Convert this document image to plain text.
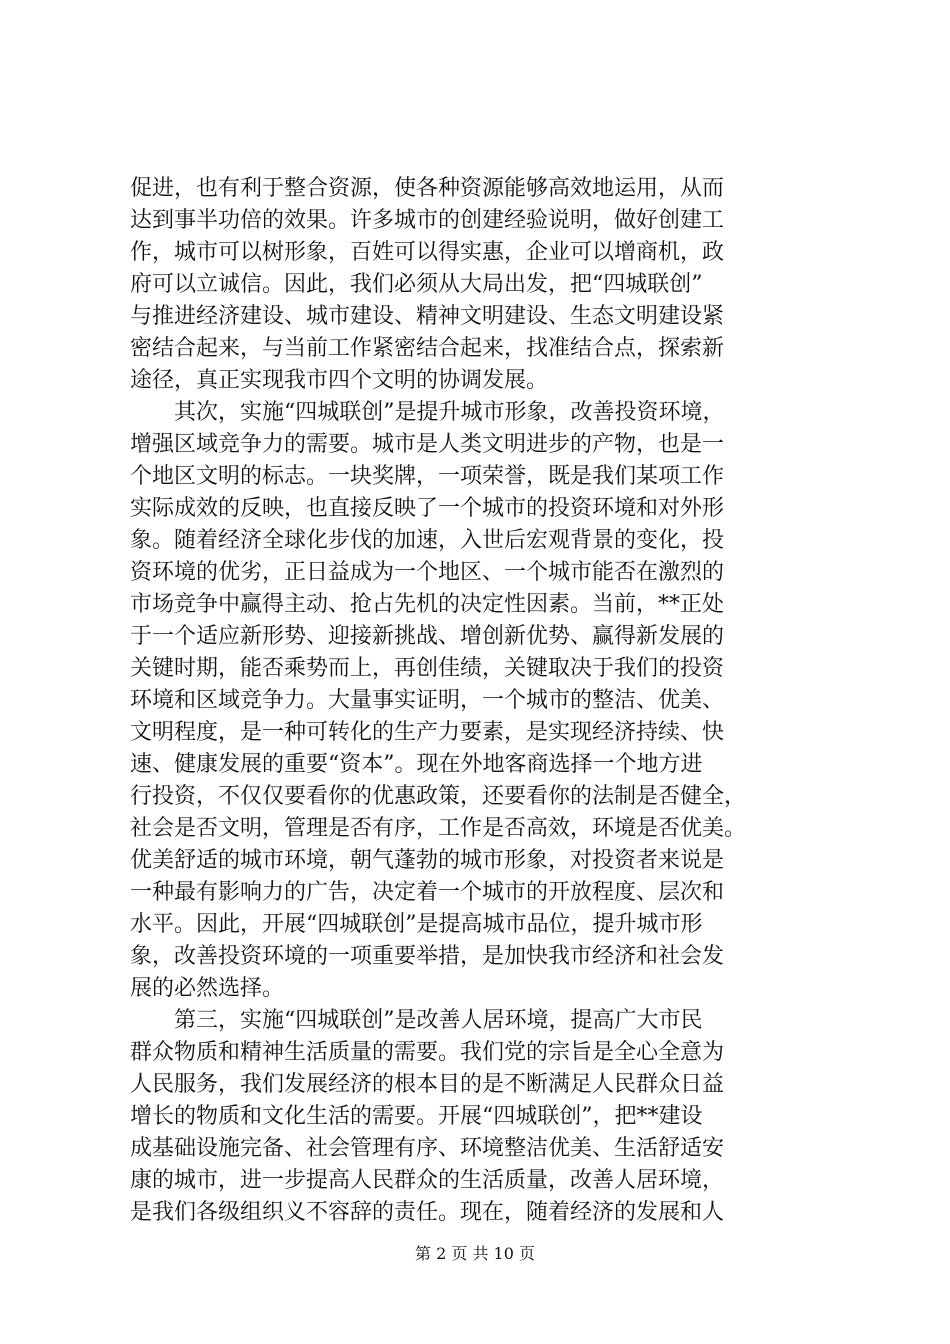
促进，也有利于整合资源，使各种资源能够高效地运用，从而
达到事半功倍的效果。许多城市的创建经验说明，做好创建工
作，城市可以树形象，百姓可以得实惠，企业可以增商机，政
府可以立诚信。因此，我们必须从大局出发，把“四城联创”
与推进经济建设、城市建设、精神文明建设、生态文明建设紧
密结合起来，与当前工作紧密结合起来，找准结合点，探索新
途径，真正实现我市四个文明的协调发展。
　　其次，实施“四城联创”是提升城市形象，改善投资环境，
增强区域竞争力的需要。城市是人类文明进步的产物，也是一
个地区文明的标志。一块奖牌，一项荣誉，既是我们某项工作
实际成效的反映，也直接反映了一个城市的投资环境和对外形
象。随着经济全球化步伐的加速，入世后宏观背景的变化，投
资环境的优劣，正日益成为一个地区、一个城市能否在激烈的
市场竞争中赢得主动、抢占先机的决定性因素。当前，**正处
于一个适应新形势、迎接新挑战、增创新优势、赢得新发展的
关键时期，能否乘势而上，再创佳绩，关键取决于我们的投资
环境和区域竞争力。大量事实证明，一个城市的整洁、优美、
文明程度，是一种可转化的生产力要素，是实现经济持续、快
速、健康发展的重要“资本”。现在外地客商选择一个地方进
行投资，不仅仅要看你的优惠政策，还要看你的法制是否健全，
社会是否文明，管理是否有序，工作是否高效，环境是否优美。
优美舒适的城市环境，朝气蓬勃的城市形象，对投资者来说是
一种最有影响力的广告，决定着一个城市的开放程度、层次和
水平。因此，开展“四城联创”是提高城市品位，提升城市形
象，改善投资环境的一项重要举措，是加快我市经济和社会发
展的必然选择。
　　第三，实施“四城联创”是改善人居环境，提高广大市民
群众物质和精神生活质量的需要。我们党的宗旨是全心全意为
人民服务，我们发展经济的根本目的是不断满足人民群众日益
增长的物质和文化生活的需要。开展“四城联创”，把**建设
成基础设施完备、社会管理有序、环境整洁优美、生活舒适安
康的城市，进一步提高人民群众的生活质量，改善人居环境，
是我们各级组织义不容辞的责任。现在，随着经济的发展和人
第 2 页 共 10 页
